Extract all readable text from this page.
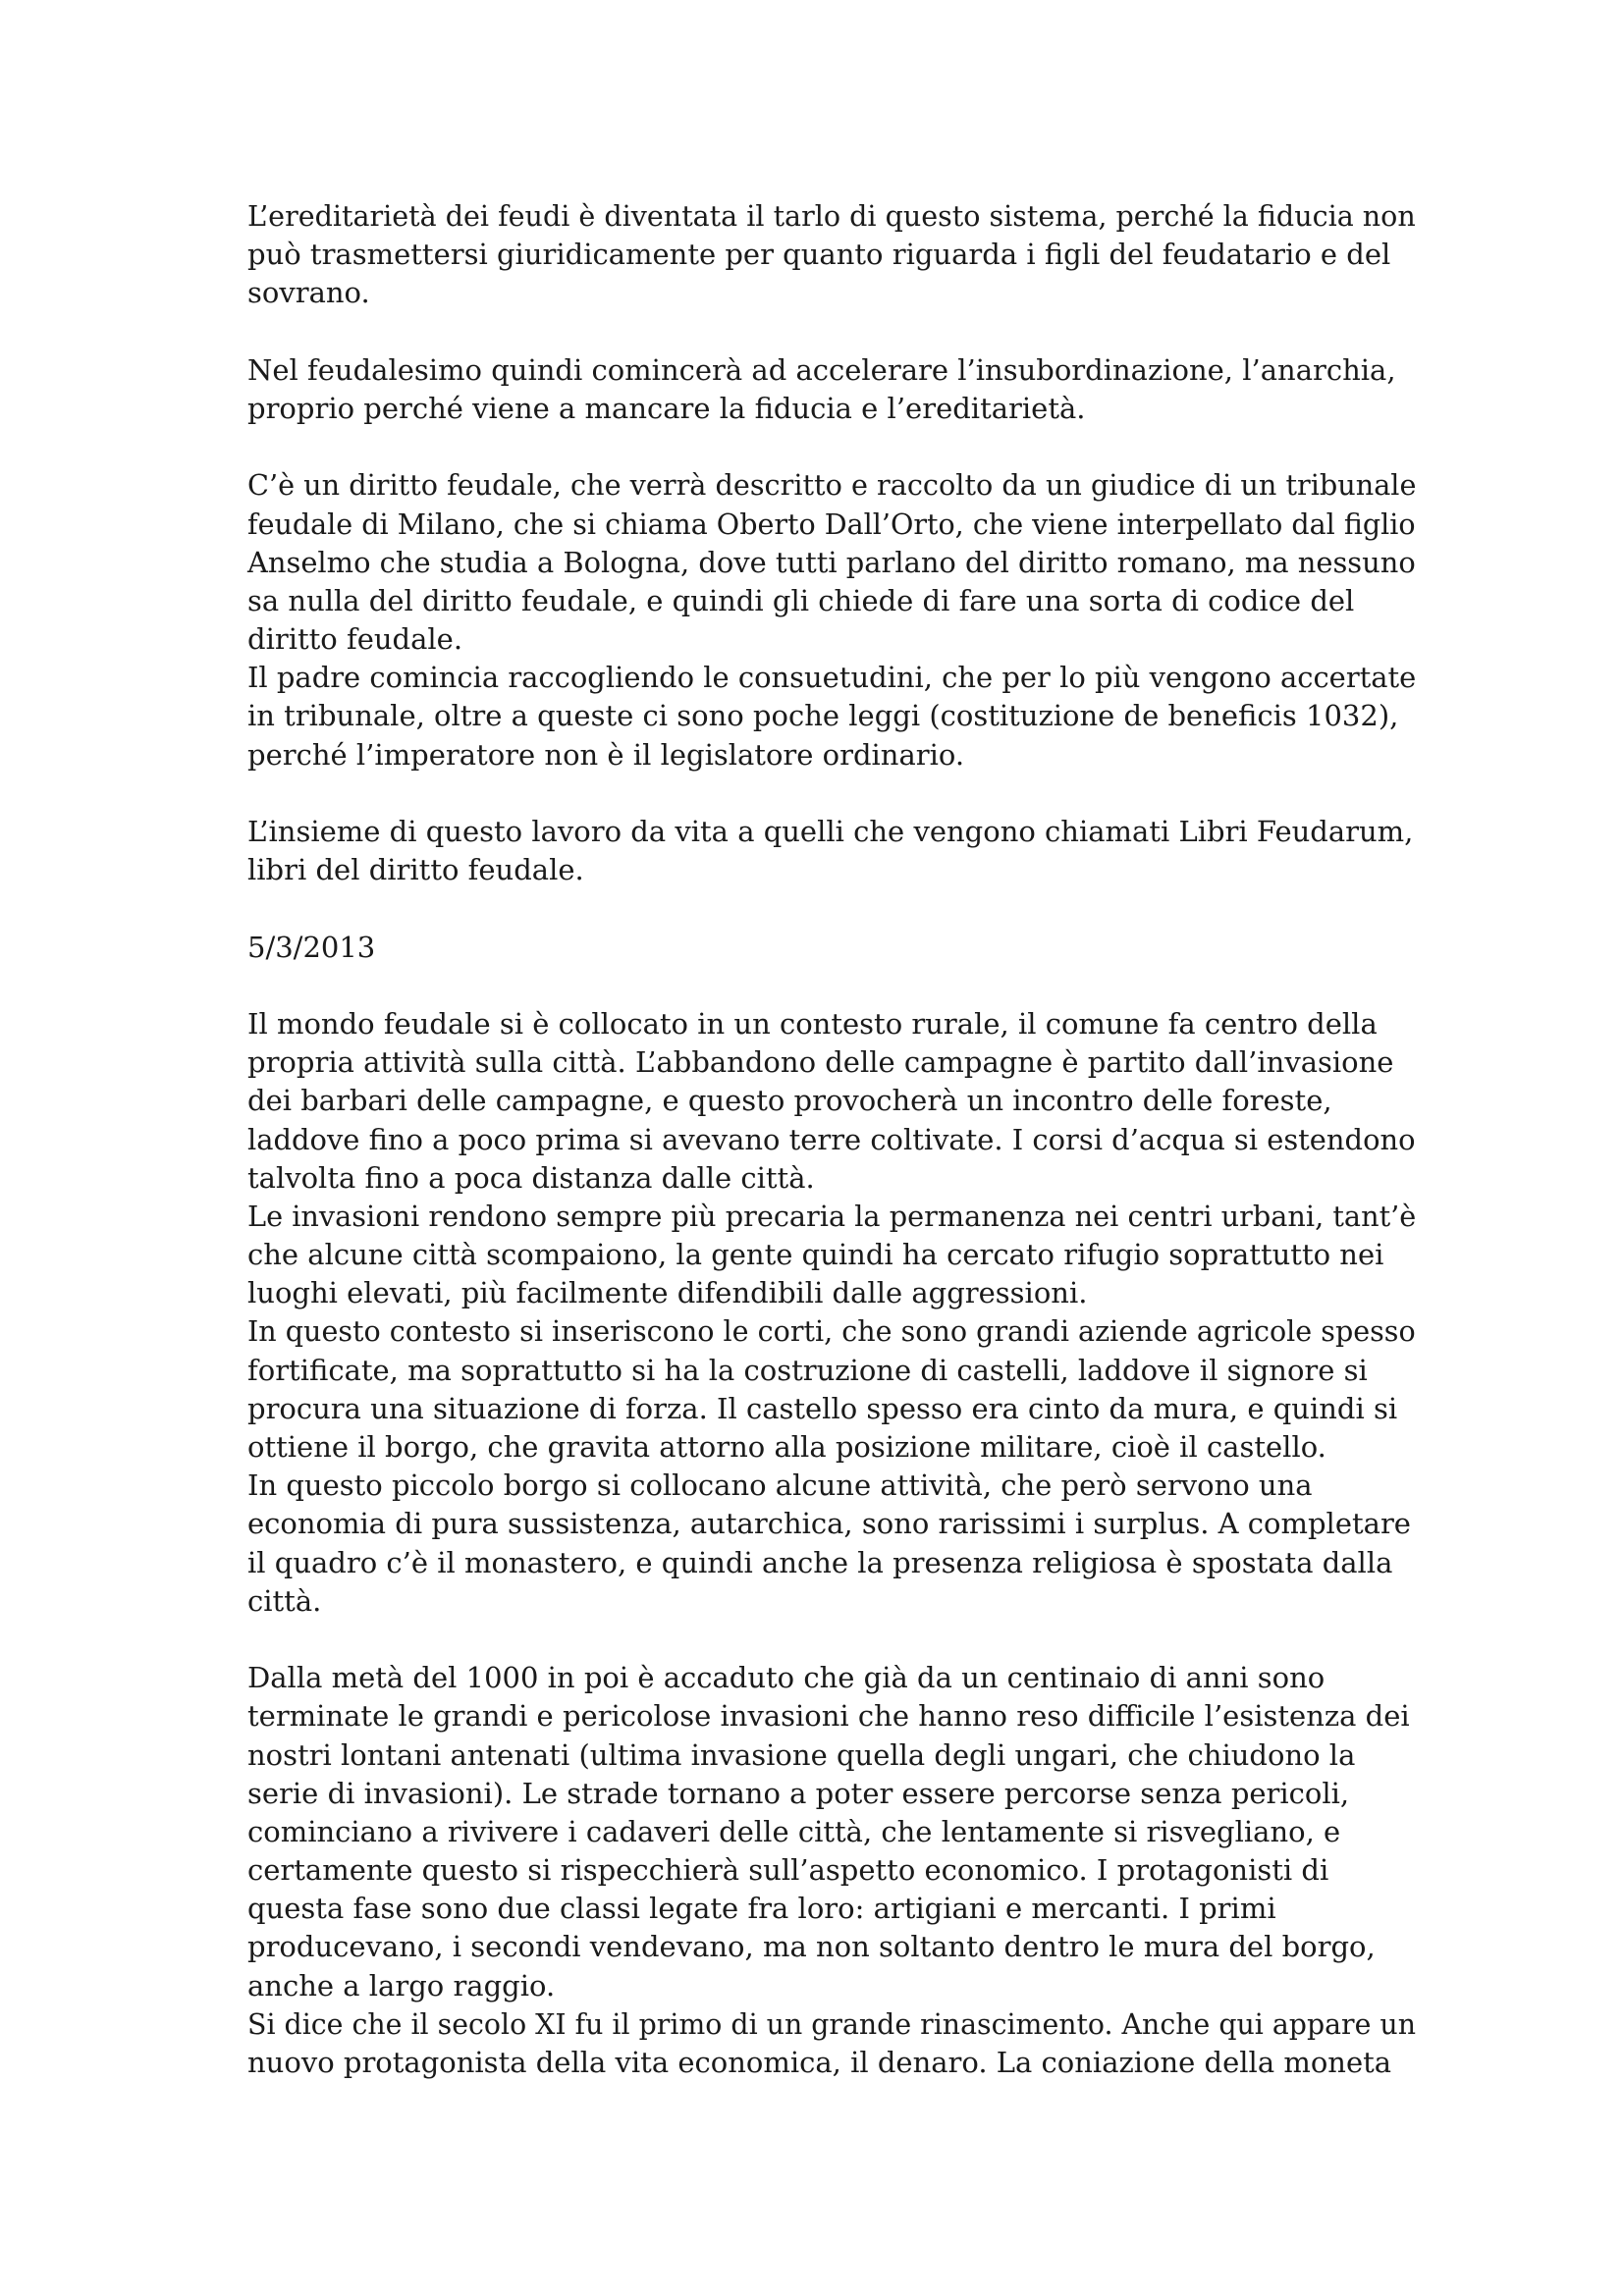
L’ereditarietà dei feudi è diventata il tarlo di questo sistema, perché la fiducia non
può trasmettersi giuridicamente per quanto riguarda i figli del feudatario e del
sovrano.
Nel feudalesimo quindi comincerà ad accelerare l’insubordinazione, l’anarchia,
proprio perché viene a mancare la fiducia e l’ereditarietà.
C’è un diritto feudale, che verrà descritto e raccolto da un giudice di un tribunale
feudale di Milano, che si chiama Oberto Dall’Orto, che viene interpellato dal figlio
Anselmo che studia a Bologna, dove tutti parlano del diritto romano, ma nessuno
sa nulla del diritto feudale, e quindi gli chiede di fare una sorta di codice del
diritto feudale.
Il padre comincia raccogliendo le consuetudini, che per lo più vengono accertate
in tribunale, oltre a queste ci sono poche leggi (costituzione de beneficis 1032),
perché l’imperatore non è il legislatore ordinario.
L’insieme di questo lavoro da vita a quelli che vengono chiamati Libri Feudarum,
libri del diritto feudale.
5/3/2013
Il mondo feudale si è collocato in un contesto rurale, il comune fa centro della
propria attività sulla città. L’abbandono delle campagne è partito dall’invasione
dei barbari delle campagne, e questo provocherà un incontro delle foreste,
laddove fino a poco prima si avevano terre coltivate. I corsi d’acqua si estendono
talvolta fino a poca distanza dalle città.
Le invasioni rendono sempre più precaria la permanenza nei centri urbani, tant’è
che alcune città scompaiono, la gente quindi ha cercato rifugio soprattutto nei
luoghi elevati, più facilmente difendibili dalle aggressioni.
In questo contesto si inseriscono le corti, che sono grandi aziende agricole spesso
fortificate, ma soprattutto si ha la costruzione di castelli, laddove il signore si
procura una situazione di forza. Il castello spesso era cinto da mura, e quindi si
ottiene il borgo, che gravita attorno alla posizione militare, cioè il castello.
In questo piccolo borgo si collocano alcune attività, che però servono una
economia di pura sussistenza, autarchica, sono rarissimi i surplus. A completare
il quadro c’è il monastero, e quindi anche la presenza religiosa è spostata dalla
città.
Dalla metà del 1000 in poi è accaduto che già da un centinaio di anni sono
terminate le grandi e pericolose invasioni che hanno reso difficile l’esistenza dei
nostri lontani antenati (ultima invasione quella degli ungari, che chiudono la
serie di invasioni). Le strade tornano a poter essere percorse senza pericoli,
cominciano a rivivere i cadaveri delle città, che lentamente si risvegliano, e
certamente questo si rispecchierà sull’aspetto economico. I protagonisti di
questa fase sono due classi legate fra loro: artigiani e mercanti. I primi
producevano, i secondi vendevano, ma non soltanto dentro le mura del borgo,
anche a largo raggio.
Si dice che il secolo XI fu il primo di un grande rinascimento. Anche qui appare un
nuovo protagonista della vita economica, il denaro. La coniazione della moneta
